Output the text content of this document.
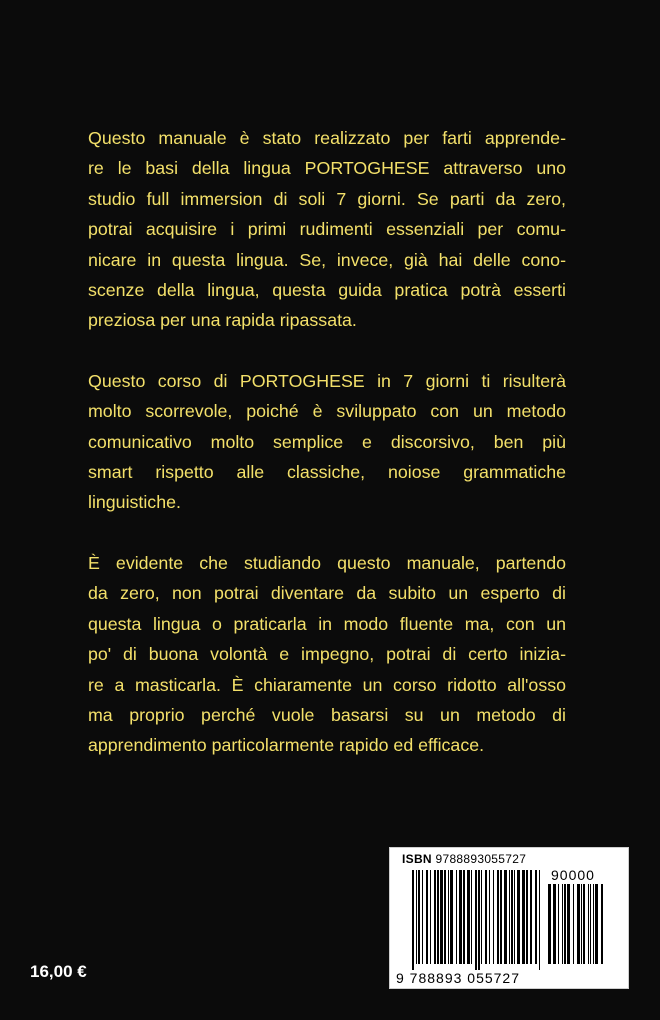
Questo manuale è stato realizzato per farti apprende-
re le basi della lingua PORTOGHESE attraverso uno
studio full immersion di soli 7 giorni. Se parti da zero,
potrai acquisire i primi rudimenti essenziali per comu-
nicare in questa lingua. Se, invece, già hai delle cono-
scenze della lingua, questa guida pratica potrà esserti
preziosa per una rapida ripassata.
Questo corso di PORTOGHESE in 7 giorni ti risulterà
molto scorrevole, poiché è sviluppato con un metodo
comunicativo molto semplice e discorsivo, ben più
smart rispetto alle classiche, noiose grammatiche
linguistiche.
È evidente che studiando questo manuale, partendo
da zero, non potrai diventare da subito un esperto di
questa lingua o praticarla in modo fluente ma, con un
po' di buona volontà e impegno, potrai di certo inizia-
re a masticarla. È chiaramente un corso ridotto all'osso
ma proprio perché vuole basarsi su un metodo di
apprendimento particolarmente rapido ed efficace.
16,00 €
ISBN 9788893055727
90000
9 788893 055727
